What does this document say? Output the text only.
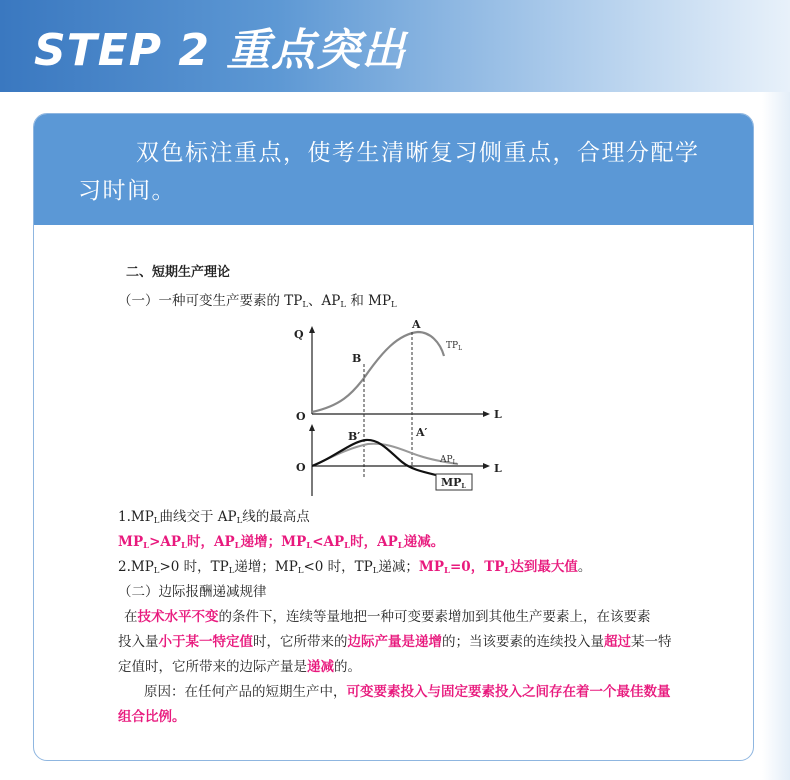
STEP 2 重点突出
双色标注重点，使考生清晰复习侧重点，合理分配学习时间。
二、短期生产理论
（一）一种可变生产要素的 $TP_L$、$AP_L$ 和 $MP_L$
Q
O	L
A
B
$TP_L$
O	L
B′	A′
$AP_L$
MPL
$1.MP_L$曲线交于 $AP_L$线的最高点
$MP_L>AP_L$时，$AP_L$递增；$MP_L<AP_L$时，$AP_L$递减。
$2.MP_L>0$ 时，$TP_L$递增；$MP_L<0$ 时，$TP_L$递减；$MP_L=0$，$TP_L$达到最大值。
（二）边际报酬递减规律
在技术水平不变的条件下，连续等量地把一种可变要素增加到其他生产要素上，在该要素
投入量小于某一特定值时，它所带来的边际产量是递增的；当该要素的连续投入量超过某一特
定值时，它所带来的边际产量是递减的。
原因：在任何产品的短期生产中，可变要素投入与固定要素投入之间存在着一个最佳数量
组合比例。
